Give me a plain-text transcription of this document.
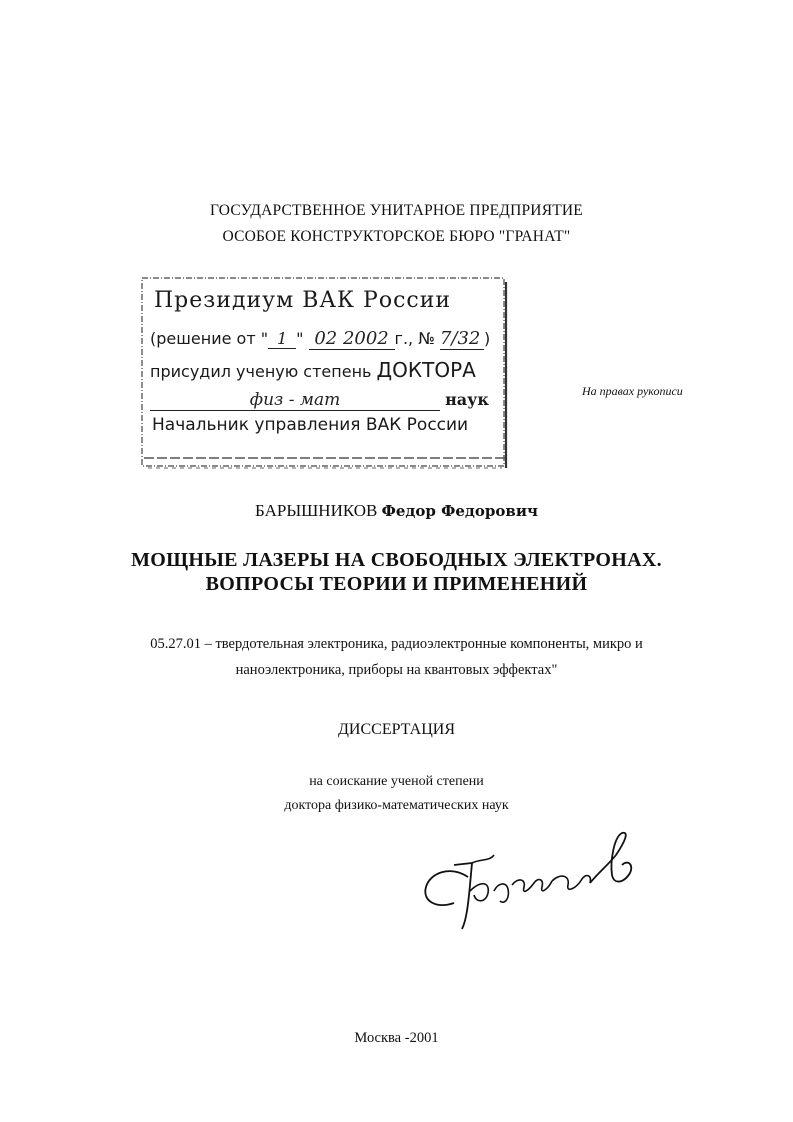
ГОСУДАРСТВЕННОЕ УНИТАРНОЕ ПРЕДПРИЯТИЕ
ОСОБОЕ КОНСТРУКТОРСКОЕ БЮРО "ГРАНАТ"
Президиум ВАК России
(решение от " 1 " 02 2002 г., № 7/32 )
присудил ученую степень ДОКТОРА
физ - мат	наук
Начальник управления ВАК России
На правах рукописи
БАРЫШНИКОВ Федор Федорович
МОЩНЫЕ ЛАЗЕРЫ НА СВОБОДНЫХ ЭЛЕКТРОНАХ.
ВОПРОСЫ ТЕОРИИ И ПРИМЕНЕНИЙ
05.27.01 – твердотельная электроника, радиоэлектронные компоненты, микро и
наноэлектроника, приборы на квантовых эффектах"
ДИССЕРТАЦИЯ
на соискание ученой степени
доктора физико-математических наук
Москва -2001
